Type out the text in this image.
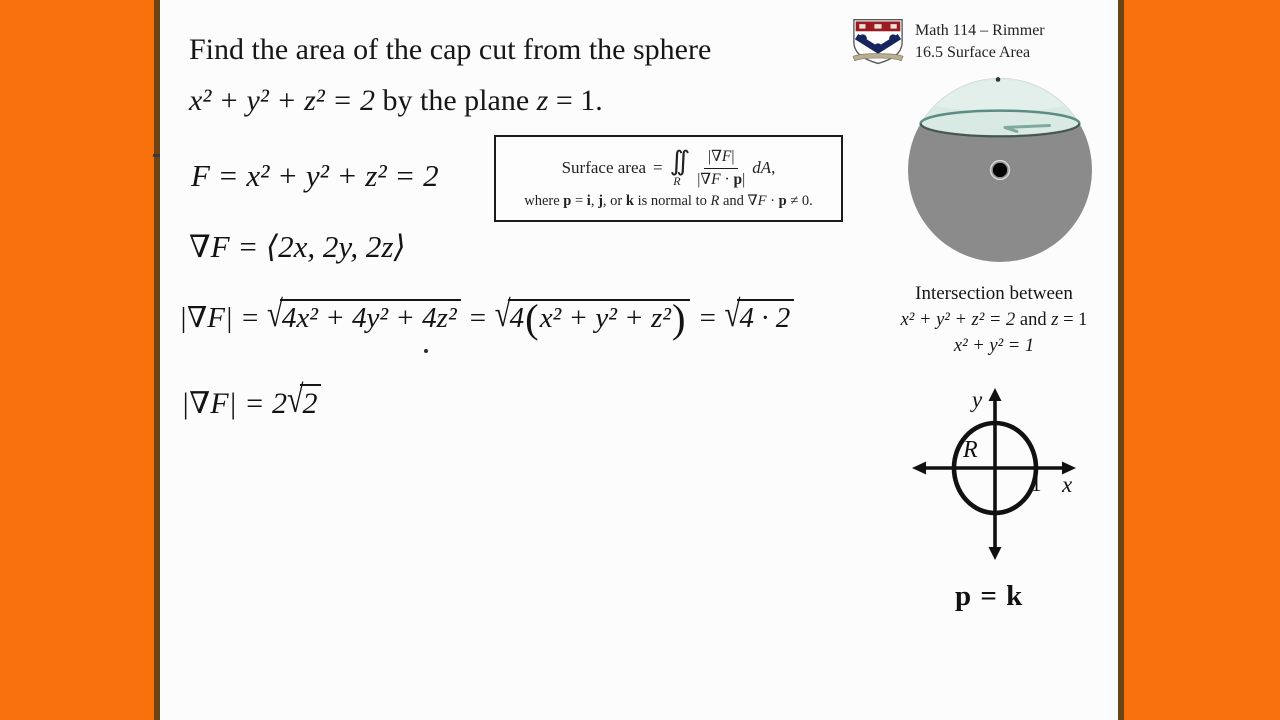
Math 114 – Rimmer
16.5 Surface Area
Find the area of the cap cut from the sphere
x² + y² + z² = 2 by the plane z = 1.
F = x² + y² + z² = 2
∇F = ⟨2x, 2y, 2z⟩
|∇F| = √ 4x² + 4y² + 4z² = √ 4(x² + y² + z²) = √ 4 · 2
|∇F| = 2 √ 2
Surface area = ∫∫
R $\frac{|\nabla F|}{|\nabla F \cdot p|}$ dA,
where p = i, j, or k is normal to R and ∇F · p ≠ 0.
Intersection between
x² + y² + z² = 2 and z = 1
x² + y² = 1
y
x
R
1
p = k
